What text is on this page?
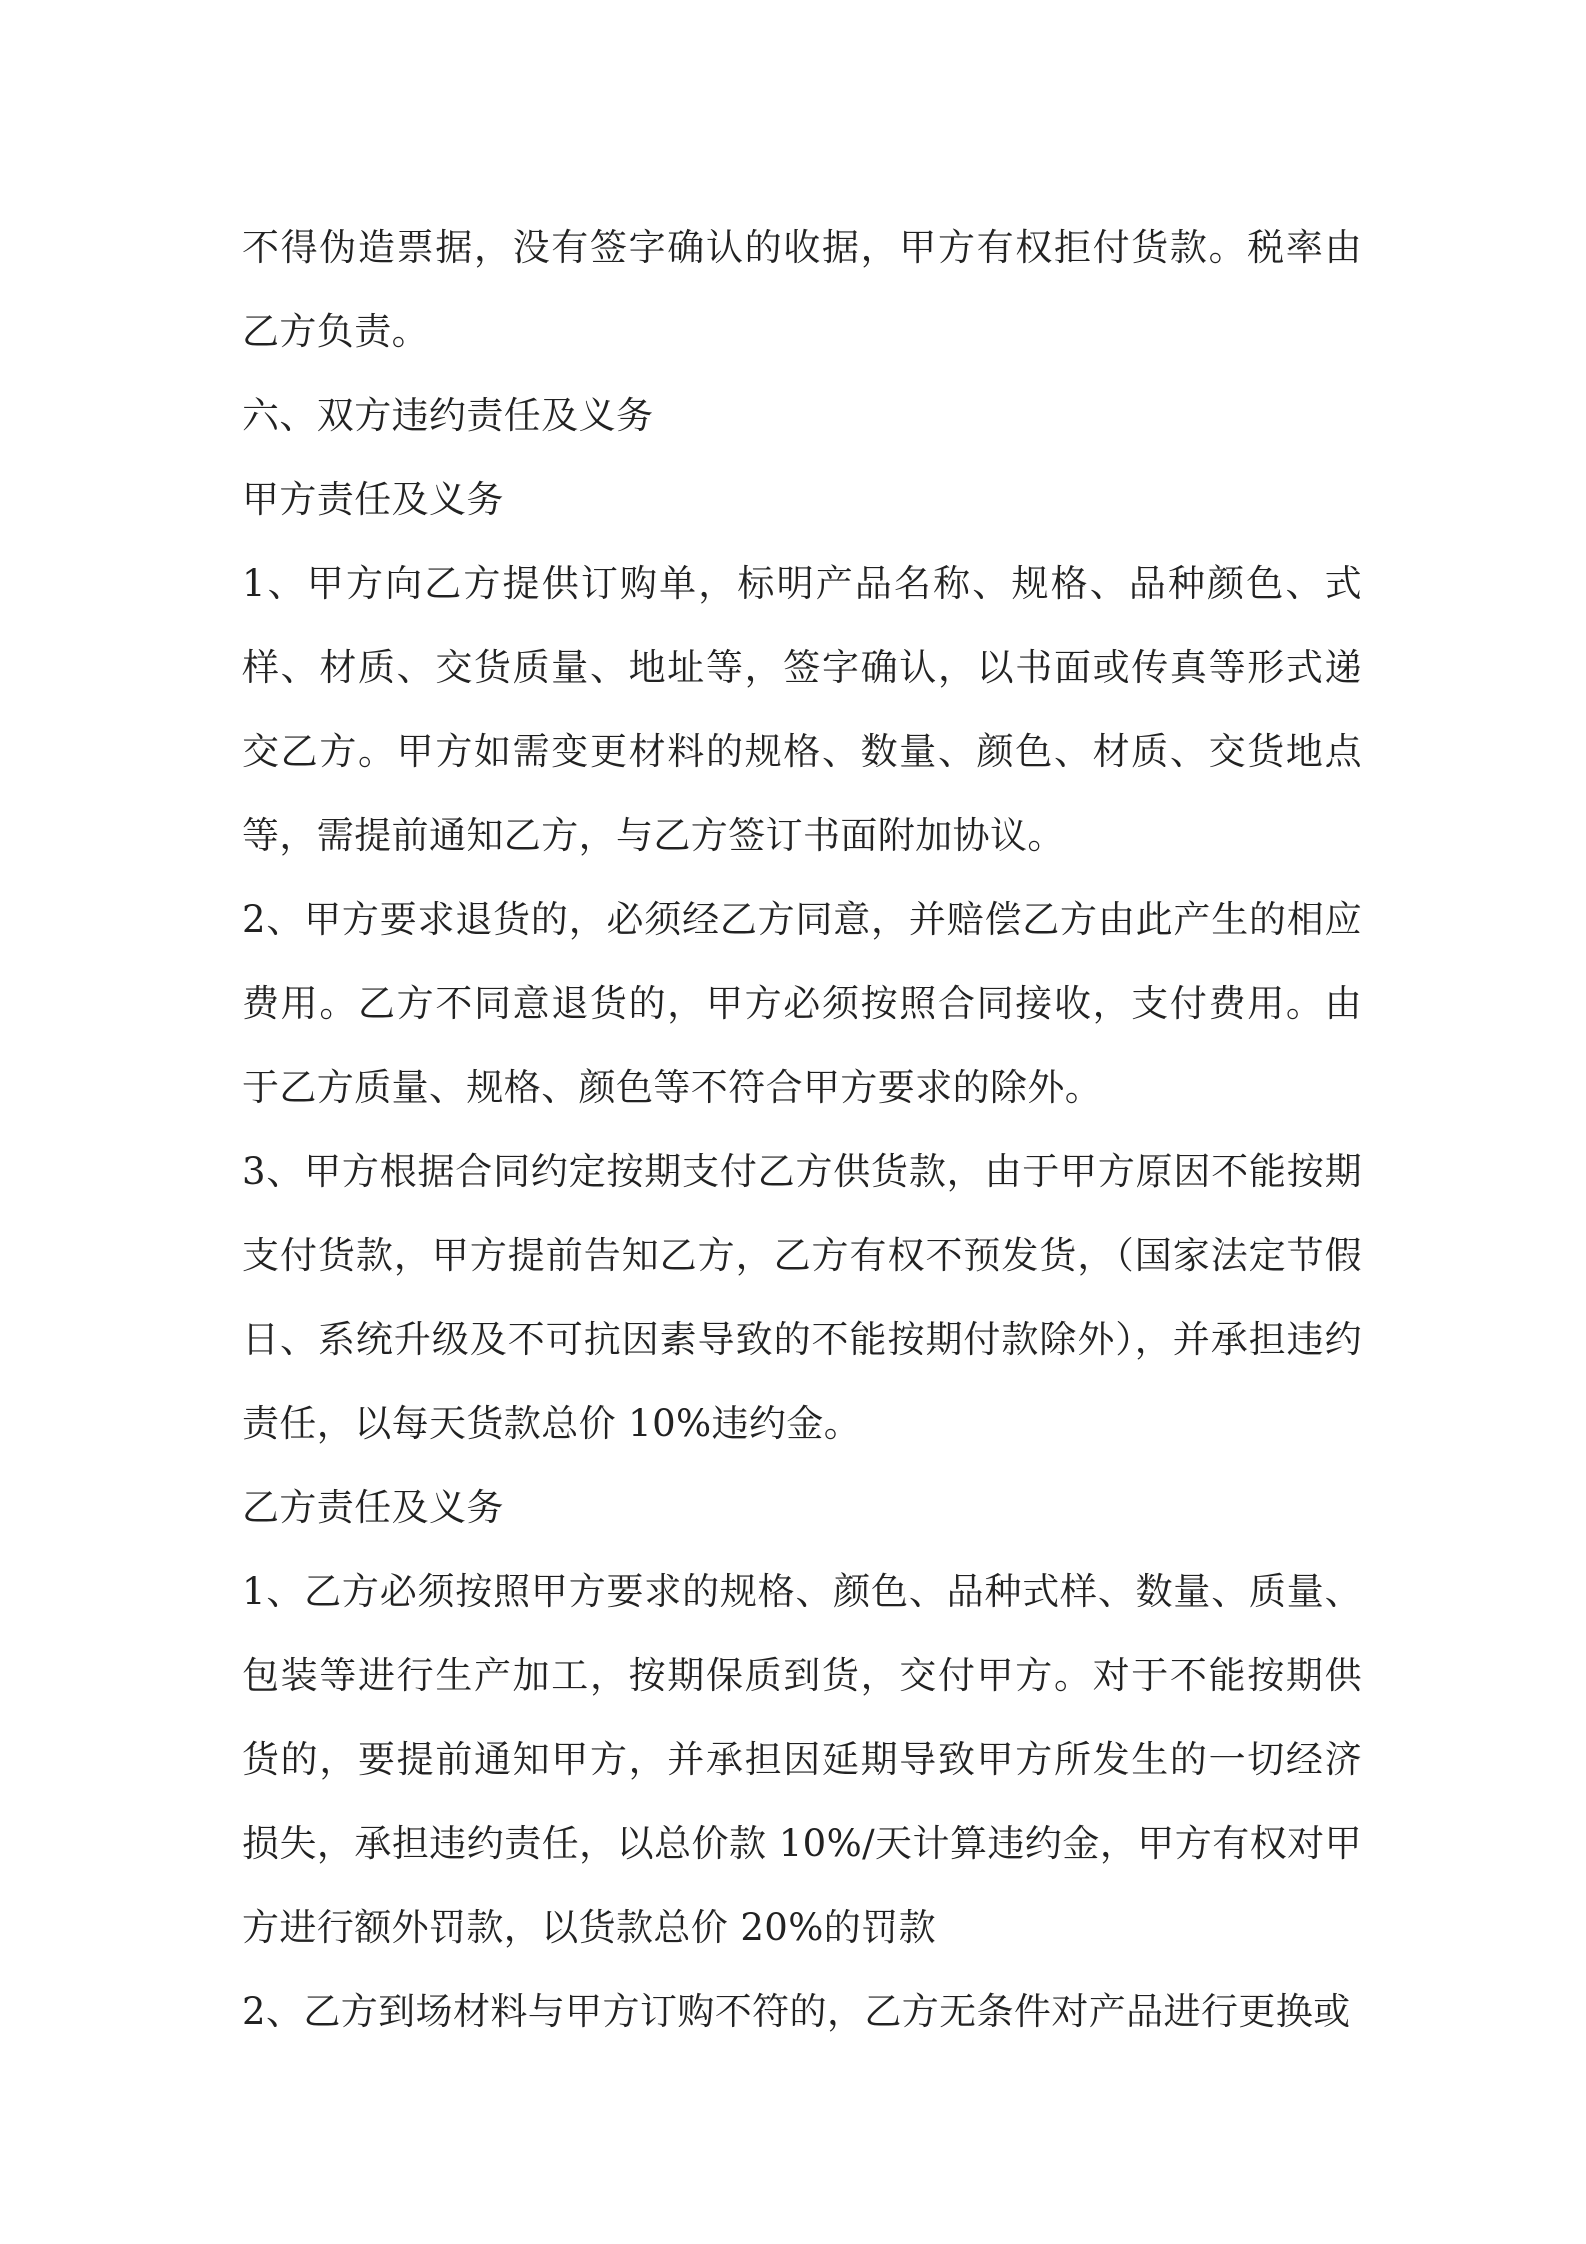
不得伪造票据，没有签字确认的收据，甲方有权拒付货款。税率由乙方负责。

六、双方违约责任及义务

甲方责任及义务

1、甲方向乙方提供订购单，标明产品名称、规格、品种颜色、式样、材质、交货质量、地址等，签字确认，以书面或传真等形式递交乙方。甲方如需变更材料的规格、数量、颜色、材质、交货地点等，需提前通知乙方，与乙方签订书面附加协议。

2、甲方要求退货的，必须经乙方同意，并赔偿乙方由此产生的相应费用。乙方不同意退货的，甲方必须按照合同接收，支付费用。由于乙方质量、规格、颜色等不符合甲方要求的除外。

3、甲方根据合同约定按期支付乙方供货款，由于甲方原因不能按期支付货款，甲方提前告知乙方，乙方有权不预发货，（国家法定节假日、系统升级及不可抗因素导致的不能按期付款除外），并承担违约责任，以每天货款总价 10%违约金。

乙方责任及义务

1、乙方必须按照甲方要求的规格、颜色、品种式样、数量、质量、包装等进行生产加工，按期保质到货，交付甲方。对于不能按期供货的，要提前通知甲方，并承担因延期导致甲方所发生的一切经济损失，承担违约责任，以总价款 10%/天计算违约金，甲方有权对甲方进行额外罚款，以货款总价 20%的罚款

2、乙方到场材料与甲方订购不符的，乙方无条件对产品进行更换或
